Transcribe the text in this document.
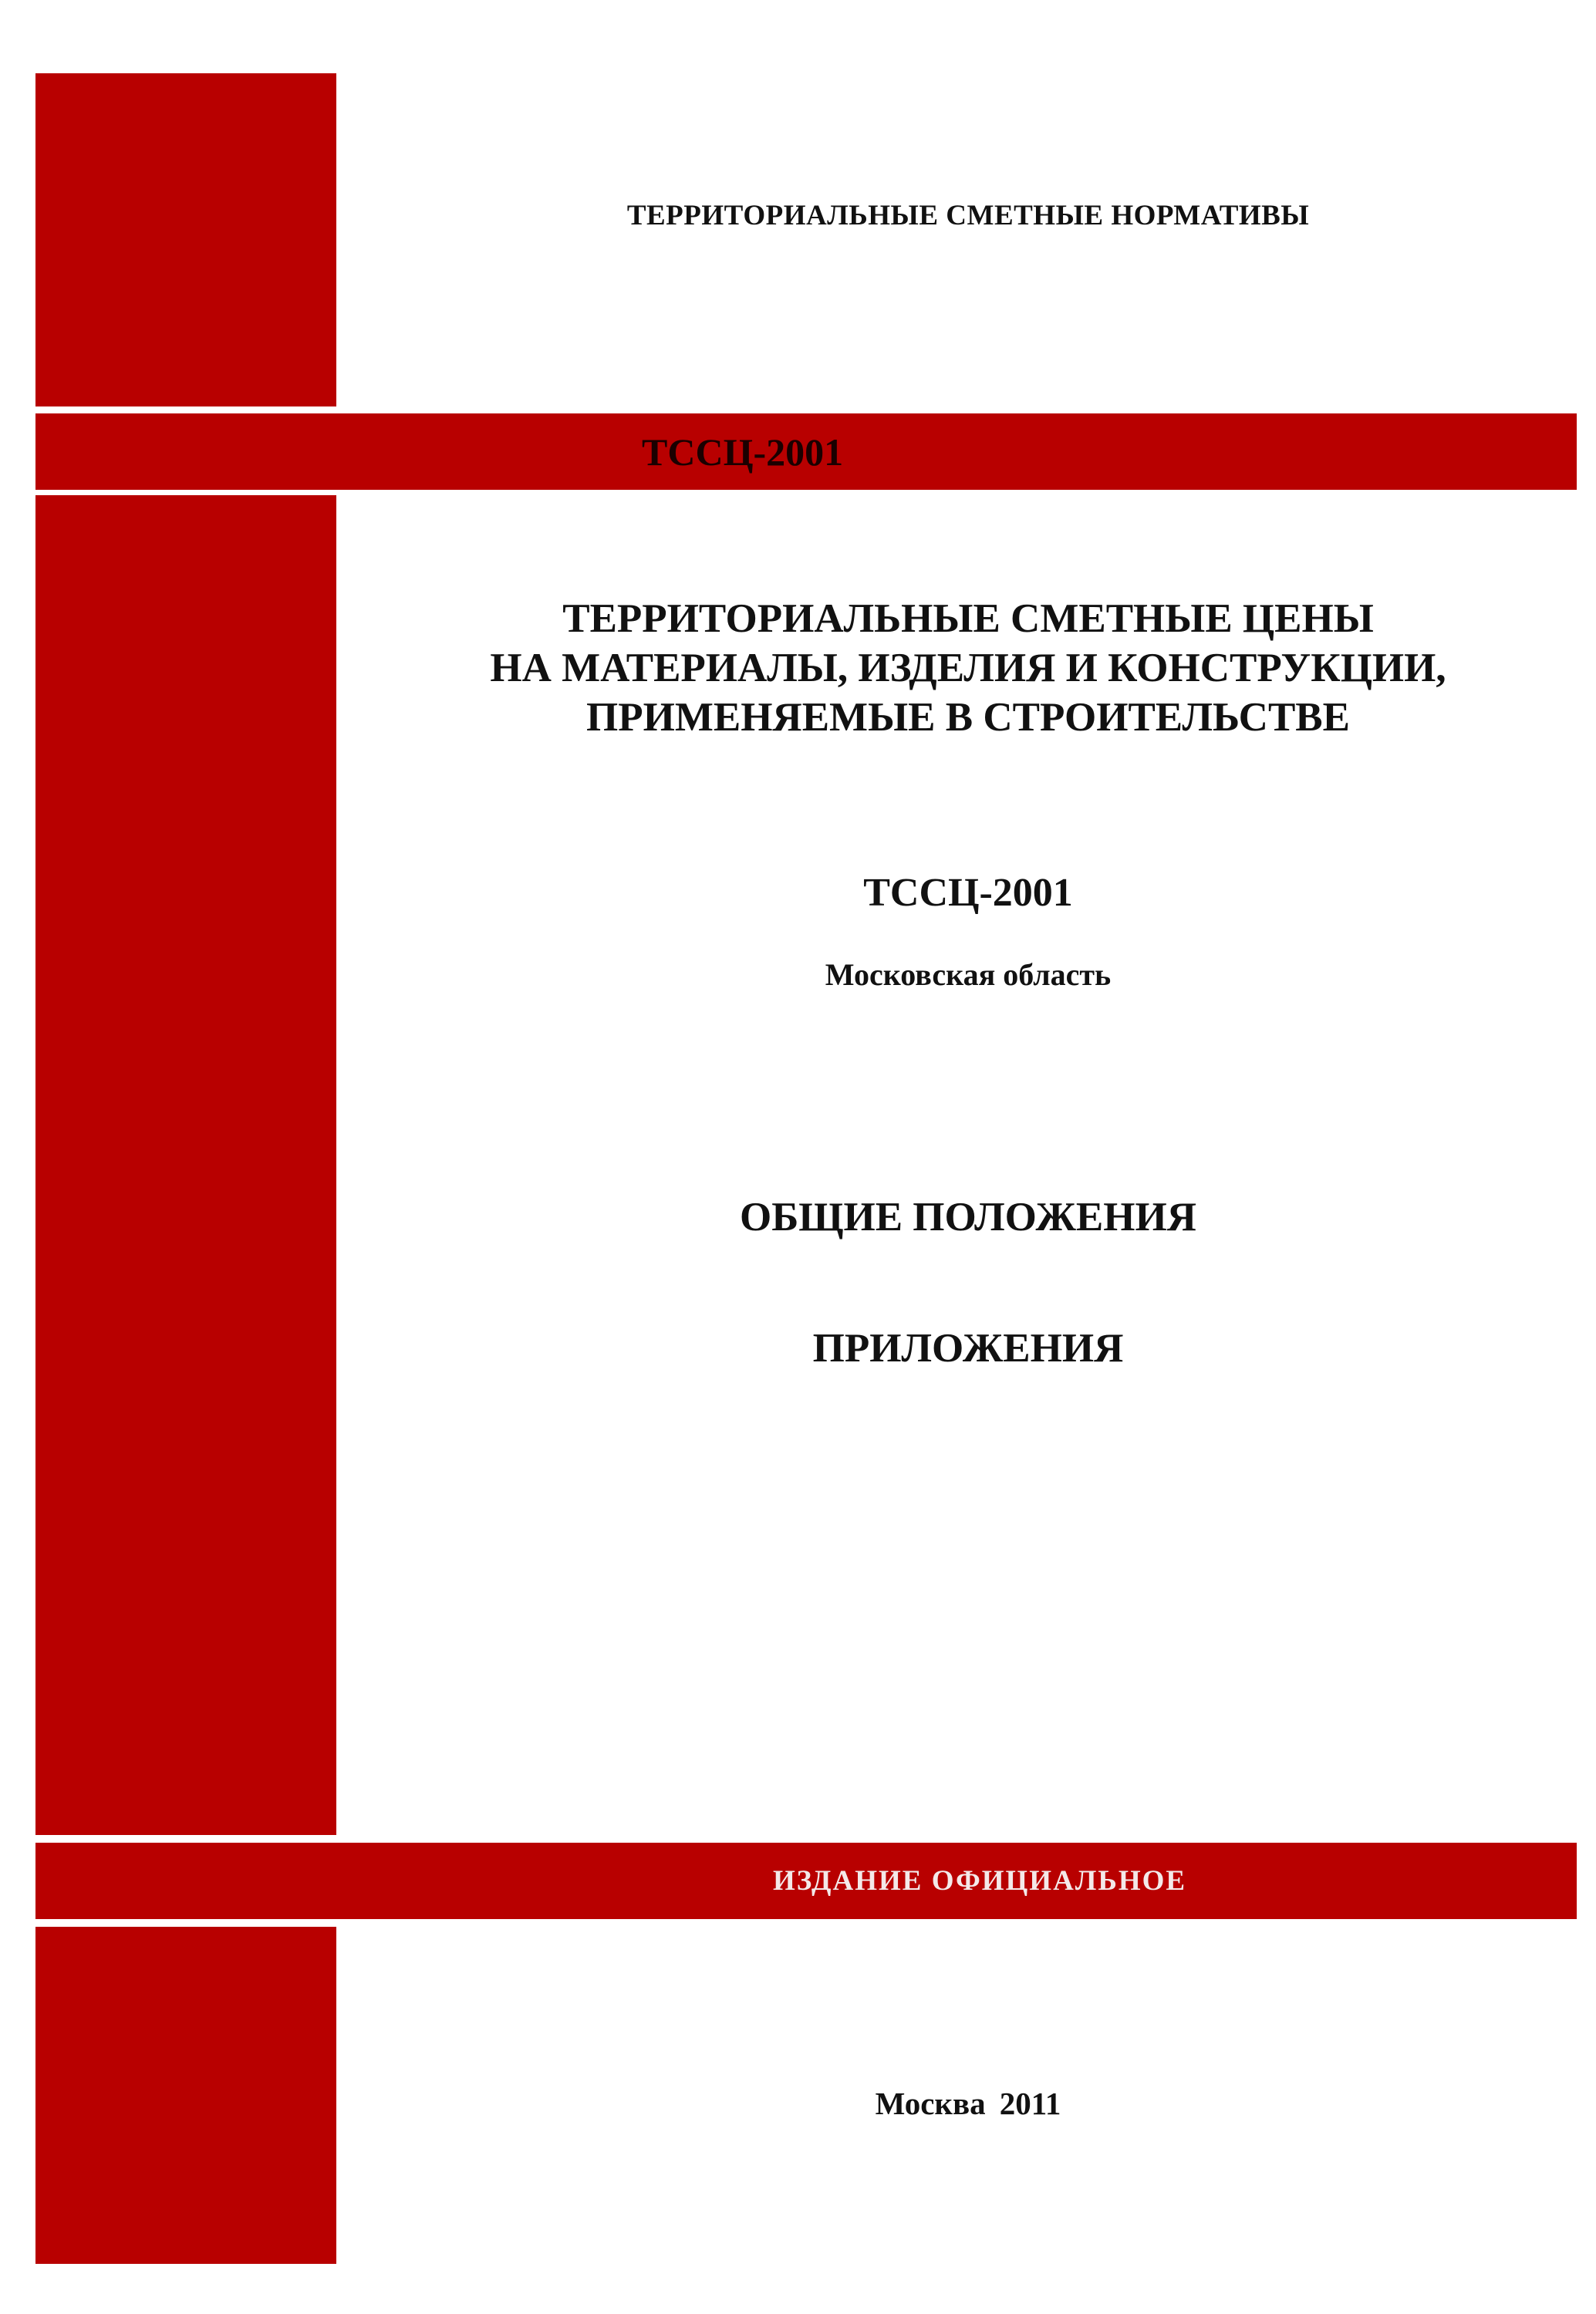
ТЕРРИТОРИАЛЬНЫЕ СМЕТНЫЕ НОРМАТИВЫ
ТССЦ-2001
ТЕРРИТОРИАЛЬНЫЕ СМЕТНЫЕ ЦЕНЫ
НА МАТЕРИАЛЫ, ИЗДЕЛИЯ И КОНСТРУКЦИИ,
ПРИМЕНЯЕМЫЕ В СТРОИТЕЛЬСТВЕ
ТССЦ-2001
Московская область
ОБЩИЕ ПОЛОЖЕНИЯ
ПРИЛОЖЕНИЯ
ИЗДАНИЕ ОФИЦИАЛЬНОЕ
Москва 2011
